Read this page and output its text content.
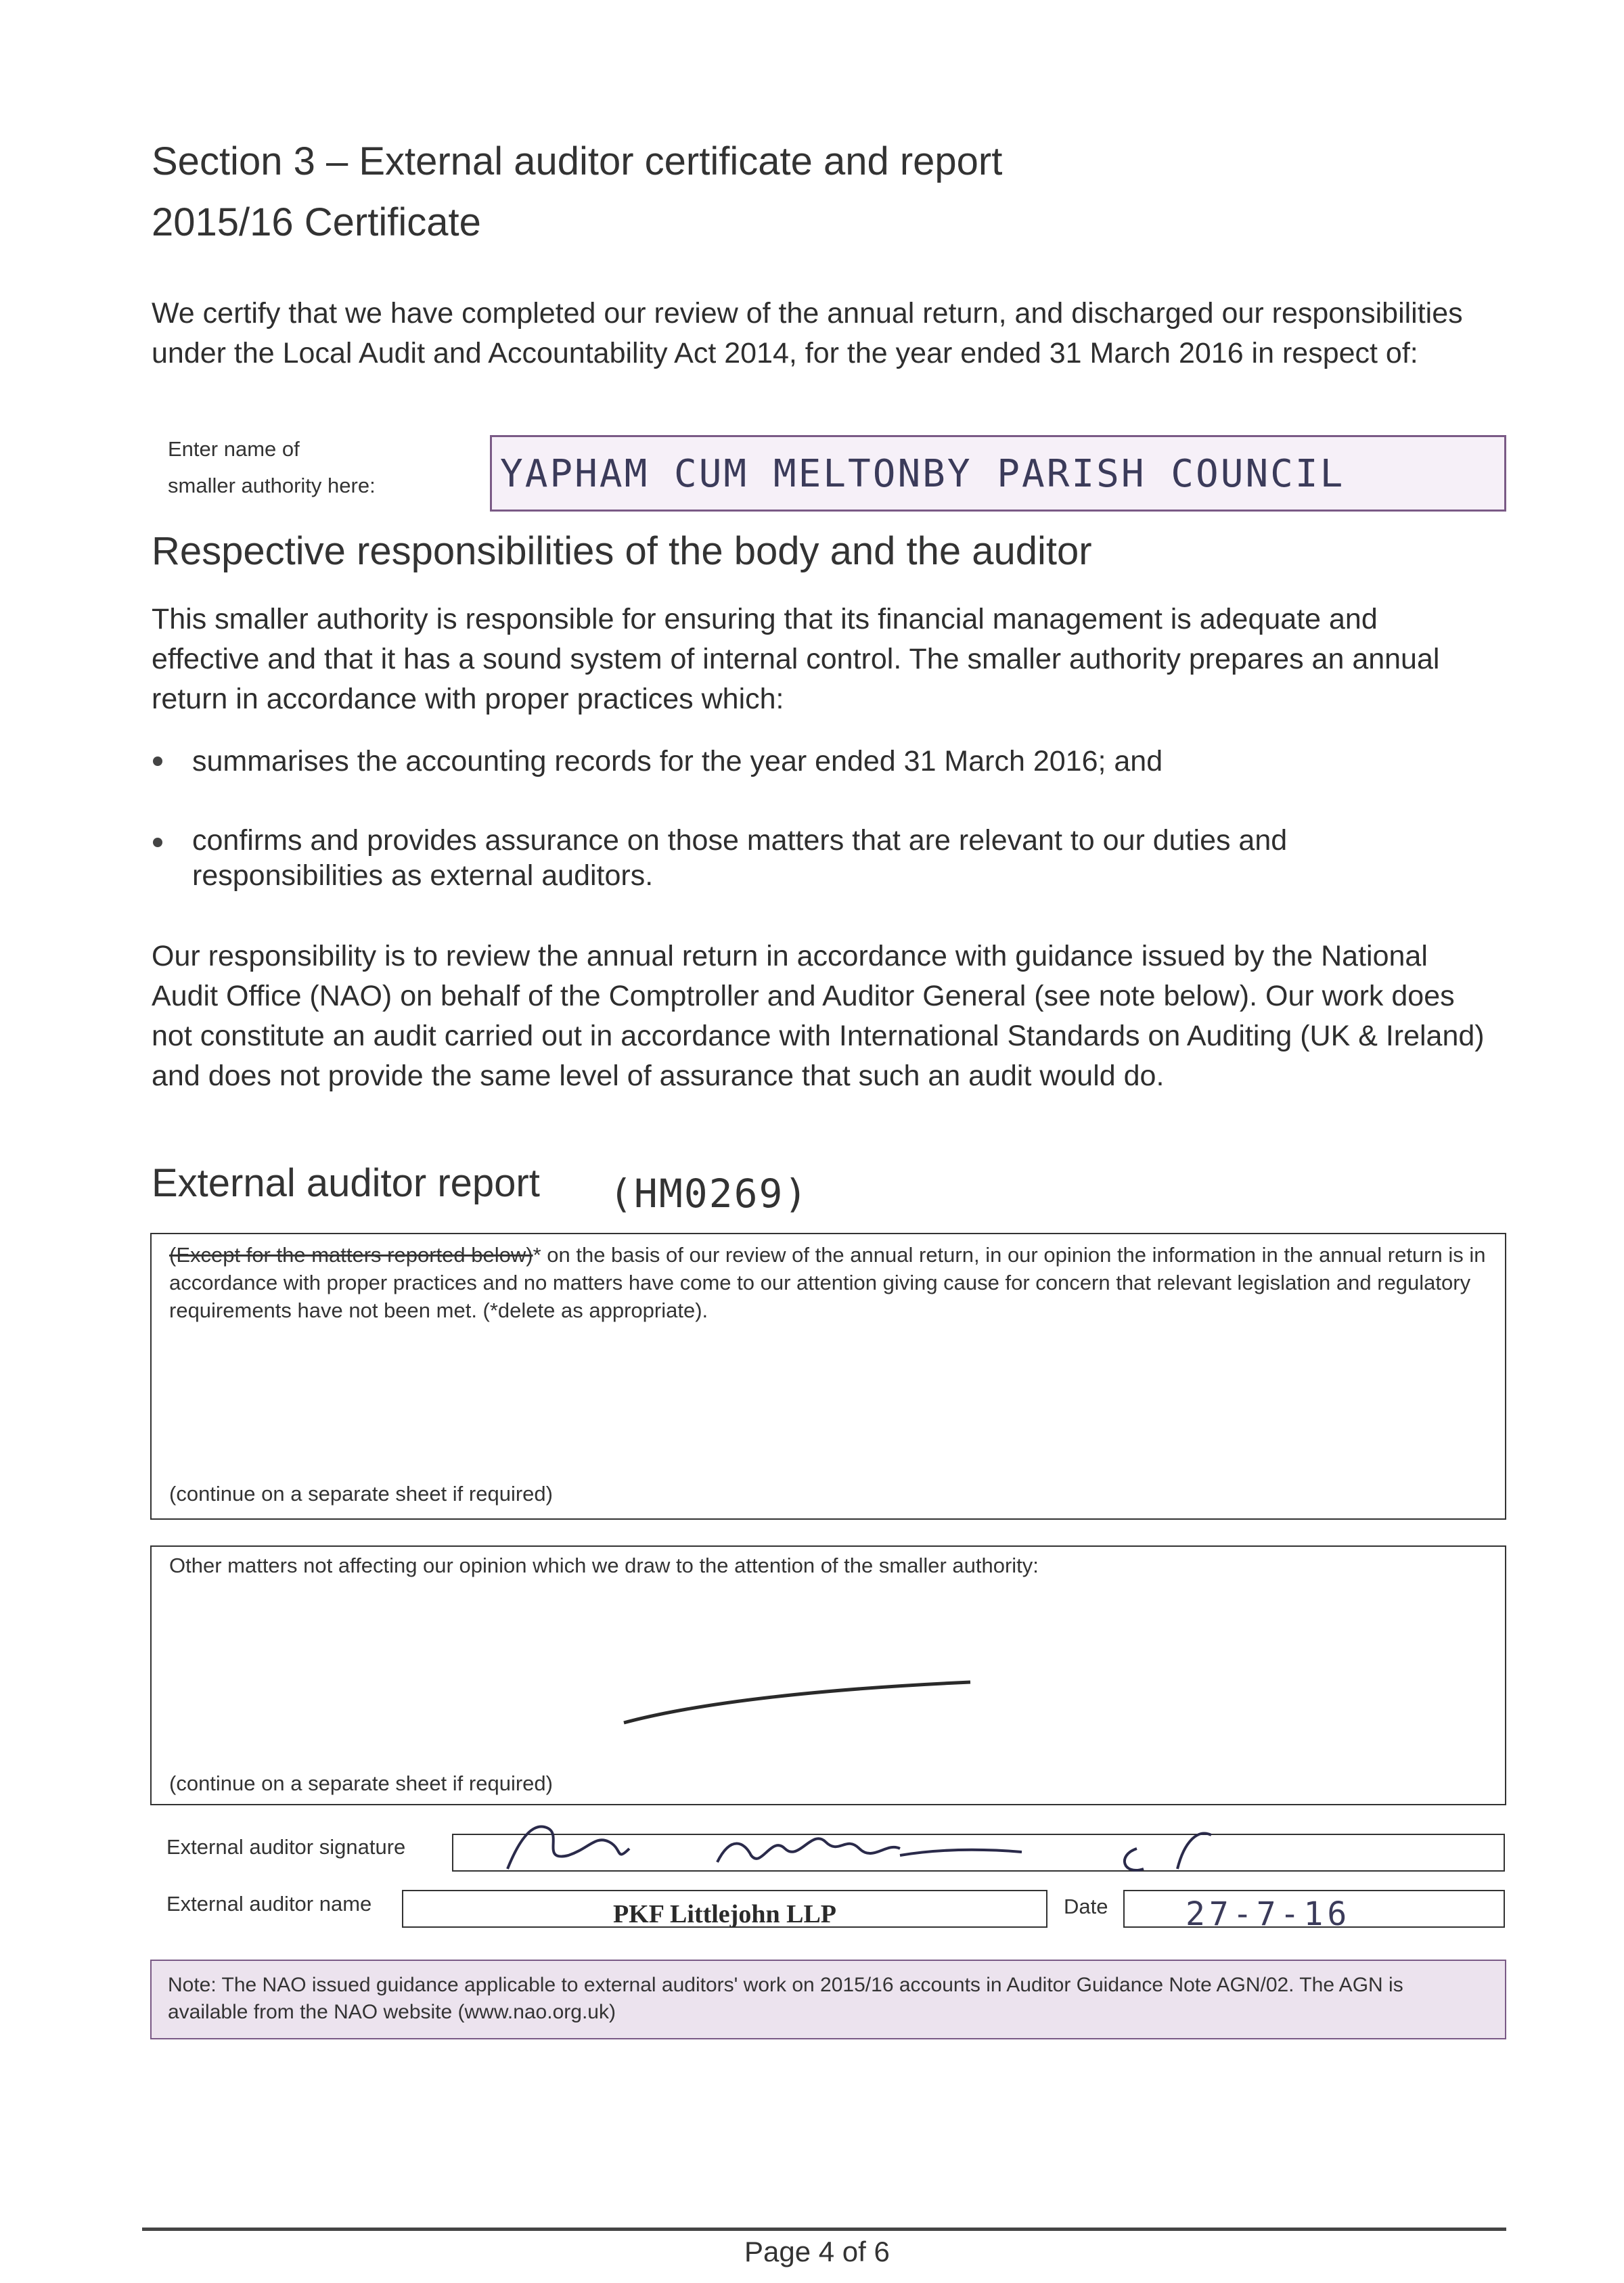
Section 3 – External auditor certificate and report
2015/16 Certificate
We certify that we have completed our review of the annual return, and discharged our responsibilities under the Local Audit and Accountability Act 2014, for the year ended 31 March 2016 in respect of:
Enter name of
smaller authority here:	YAPHAM CUM MELTONBY PARISH COUNCIL
Respective responsibilities of the body and the auditor
This smaller authority is responsible for ensuring that its financial management is adequate and effective and that it has a sound system of internal control. The smaller authority prepares an annual return in accordance with proper practices which:
summarises the accounting records for the year ended 31 March 2016; and
confirms and provides assurance on those matters that are relevant to our duties and responsibilities as external auditors.
Our responsibility is to review the annual return in accordance with guidance issued by the National Audit Office (NAO) on behalf of the Comptroller and Auditor General (see note below). Our work does not constitute an audit carried out in accordance with International Standards on Auditing (UK & Ireland) and does not provide the same level of assurance that such an audit would do.
External auditor report (HM0269)
(Except for the matters reported below)* on the basis of our review of the annual return, in our opinion the information in the annual return is in accordance with proper practices and no matters have come to our attention giving cause for concern that relevant legislation and regulatory requirements have not been met. (*delete as appropriate).
(continue on a separate sheet if required)
Other matters not affecting our opinion which we draw to the attention of the smaller authority:
(continue on a separate sheet if required)
External auditor signature
External auditor name	PKF Littlejohn LLP	Date 27-7-16
Note: The NAO issued guidance applicable to external auditors' work on 2015/16 accounts in Auditor Guidance Note AGN/02. The AGN is available from the NAO website (www.nao.org.uk)
Page 4 of 6
